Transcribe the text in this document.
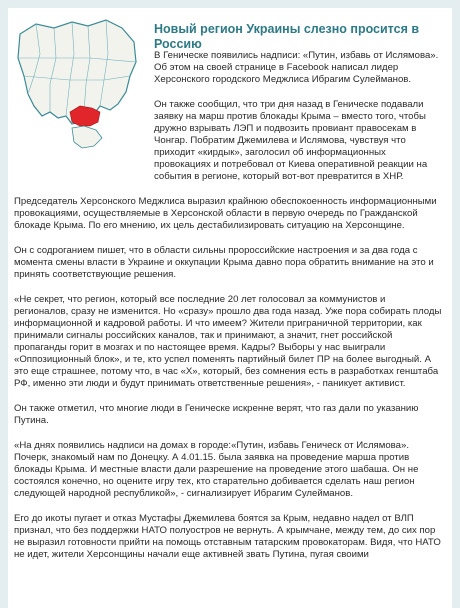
Новый регион Украины слезно просится в Россию

В Геническе появились надписи: «Путин, избавь от Ислямова». Об этом на своей странице в Facebook написал лидер Херсонского городского Меджлиса Ибрагим Сулейманов.

Он также сообщил, что три дня назад в Геническе подавали заявку на марш против блокады Крыма – вместо того, чтобы дружно взрывать ЛЭП и подвозить провиант правосекам в Чонгар. Побратим Джемилева и Ислямова, чувствуя что приходит «кирдык», заголосил об информационных провокациях и потребовал от Киева оперативной реакции на события в регионе, который вот-вот превратится в ХНР.

Председатель Херсонского Меджлиса выразил крайнюю обеспокоенность информационными провокациями, осуществляемые в Херсонской области в первую очередь по Гражданской блокаде Крыма. По его мнению, их цель дестабилизировать ситуацию на Херсонщине.

Он с содроганием пишет, что в области сильны пророссийские настроения и за два года с момента смены власти в Украине и оккупации Крыма давно пора обратить внимание на это и принять соответствующие решения.

«Не секрет, что регион, который все последние 20 лет голосовал за коммунистов и регионалов, сразу не изменится. Но «сразу» прошло два года назад. Уже пора собирать плоды информационной и кадровой работы. И что имеем? Жители приграничной территории, как принимали сигналы российских каналов, так и принимают, а значит, гнет российской пропаганды горит в мозгах и по настоящее время. Кадры? Выборы у нас выиграли «Оппозиционный блок», и те, кто успел поменять партийный билет ПР на более выгодный. А это еще страшнее, потому что, в час «Х», который, без сомнения есть в разработках генштаба РФ, именно эти люди и будут принимать ответственные решения», - паникует активист.

Он также отметил, что многие люди в Геническе искренне верят, что газ дали по указанию Путина.

«На днях появились надписи на домах в городе:«Путин, избавь Геническ от Ислямова». Почерк, знакомый нам по Донецку. А 4.01.15. была заявка на проведение марша против блокады Крыма. И местные власти дали разрешение на проведение этого шабаша. Он не состоялся конечно, но оцените игру тех, кто старательно добивается сделать наш регион следующей народной республикой», - сигнализирует Ибрагим Сулейманов.

Его до икоты пугает и отказ Мустафы Джемилева боятся за Крым, недавно надел от ВЛП признал, что без поддержки НАТО полуостров не вернуть. А крымчане, между тем, до сих пор не выразил готовности прийти на помощь отставным татарским провокаторам. Видя, что НАТО не идет, жители Херсонщины начали еще активней звать Путина, пугая своими
